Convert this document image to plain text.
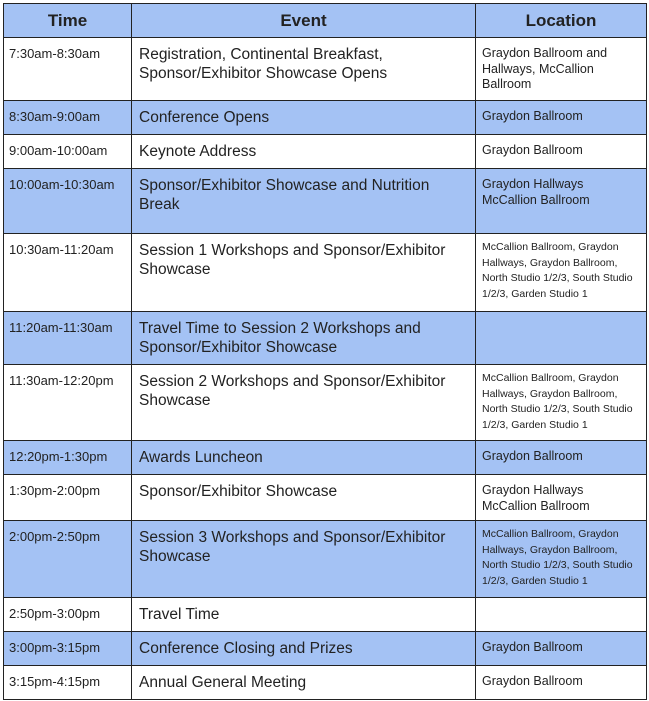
Time	Event	Location
7:30am-8:30am	Registration, Continental Breakfast, Sponsor/Exhibitor Showcase Opens	Graydon Ballroom and Hallways, McCallion Ballroom
8:30am-9:00am	Conference Opens	Graydon Ballroom
9:00am-10:00am	Keynote Address	Graydon Ballroom
10:00am-10:30am	Sponsor/Exhibitor Showcase and Nutrition Break	Graydon Hallways McCallion Ballroom
10:30am-11:20am	Session 1 Workshops and Sponsor/Exhibitor Showcase	McCallion Ballroom, Graydon Hallways, Graydon Ballroom, North Studio 1/2/3, South Studio 1/2/3, Garden Studio 1
11:20am-11:30am	Travel Time to Session 2 Workshops and Sponsor/Exhibitor Showcase	
11:30am-12:20pm	Session 2 Workshops and Sponsor/Exhibitor Showcase	McCallion Ballroom, Graydon Hallways, Graydon Ballroom, North Studio 1/2/3, South Studio 1/2/3, Garden Studio 1
12:20pm-1:30pm	Awards Luncheon	Graydon Ballroom
1:30pm-2:00pm	Sponsor/Exhibitor Showcase	Graydon Hallways McCallion Ballroom
2:00pm-2:50pm	Session 3 Workshops and Sponsor/Exhibitor Showcase	McCallion Ballroom, Graydon Hallways, Graydon Ballroom, North Studio 1/2/3, South Studio 1/2/3, Garden Studio 1
2:50pm-3:00pm	Travel Time	
3:00pm-3:15pm	Conference Closing and Prizes	Graydon Ballroom
3:15pm-4:15pm	Annual General Meeting	Graydon Ballroom
